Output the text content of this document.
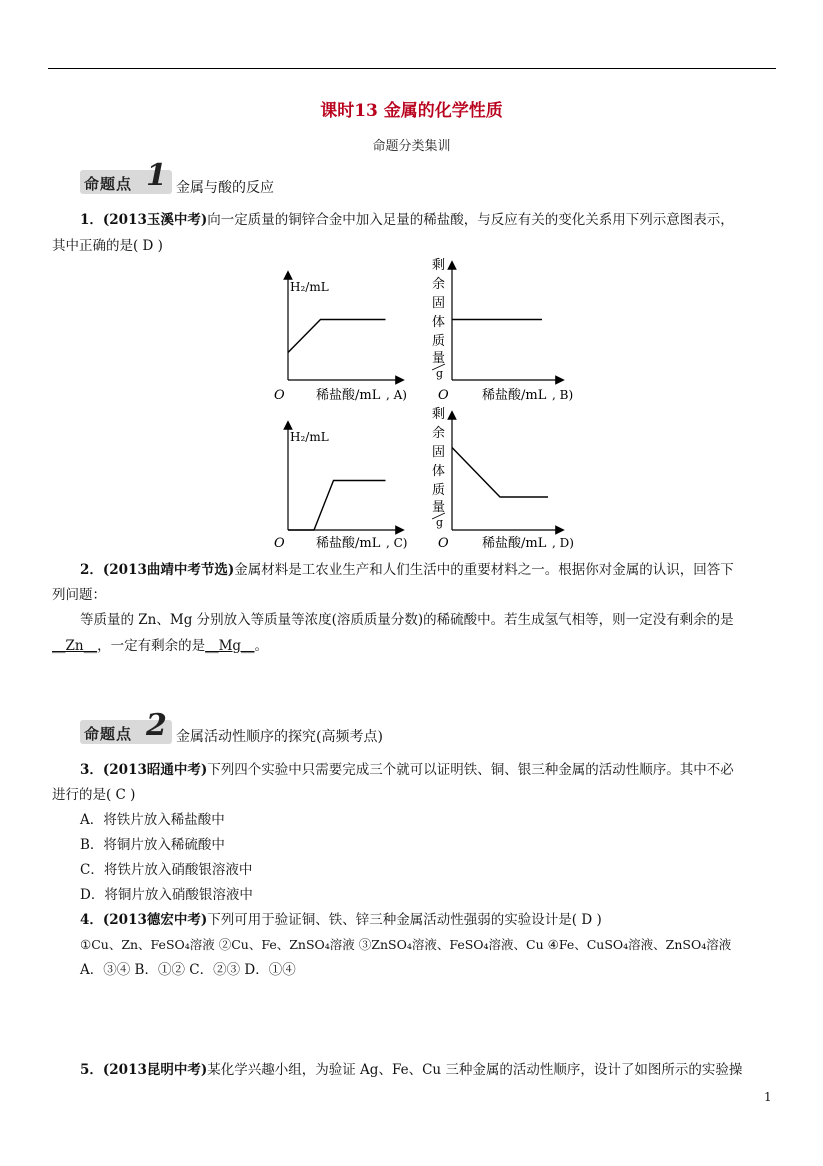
课时13 金属的化学性质
命题分类集训
命题点 1 金属与酸的反应
1．(2013玉溪中考)向一定质量的铜锌合金中加入足量的稀盐酸，与反应有关的变化关系用下列示意图表示，
其中正确的是( D )
H₂/mL
O 稀盐酸/mL , A)
剩
余
固
体
质
量
g
O	稀盐酸/mL , B)
H₂/mL
O 稀盐酸/mL , C)
剩
余
固
体
质
量
g
O	稀盐酸/mL , D)
2．(2013曲靖中考节选)金属材料是工农业生产和人们生活中的重要材料之一。根据你对金属的认识，回答下
列问题：
等质量的 Zn、Mg 分别放入等质量等浓度(溶质质量分数)的稀硫酸中。若生成氢气相等，则一定没有剩余的是
__Zn__，一定有剩余的是__Mg__。
命题点 2 金属活动性顺序的探究(高频考点)
3．(2013昭通中考)下列四个实验中只需要完成三个就可以证明铁、铜、银三种金属的活动性顺序。其中不必
进行的是( C )
A．将铁片放入稀盐酸中
B．将铜片放入稀硫酸中
C．将铁片放入硝酸银溶液中
D．将铜片放入硝酸银溶液中
4．(2013德宏中考)下列可用于验证铜、铁、锌三种金属活动性强弱的实验设计是( D )
①Cu、Zn、FeSO₄溶液 ②Cu、Fe、ZnSO₄溶液 ③ZnSO₄溶液、FeSO₄溶液、Cu ④Fe、CuSO₄溶液、ZnSO₄溶液
A．③④ B．①② C．②③ D．①④
5．(2013昆明中考)某化学兴趣小组，为验证 Ag、Fe、Cu 三种金属的活动性顺序，设计了如图所示的实验操
1
